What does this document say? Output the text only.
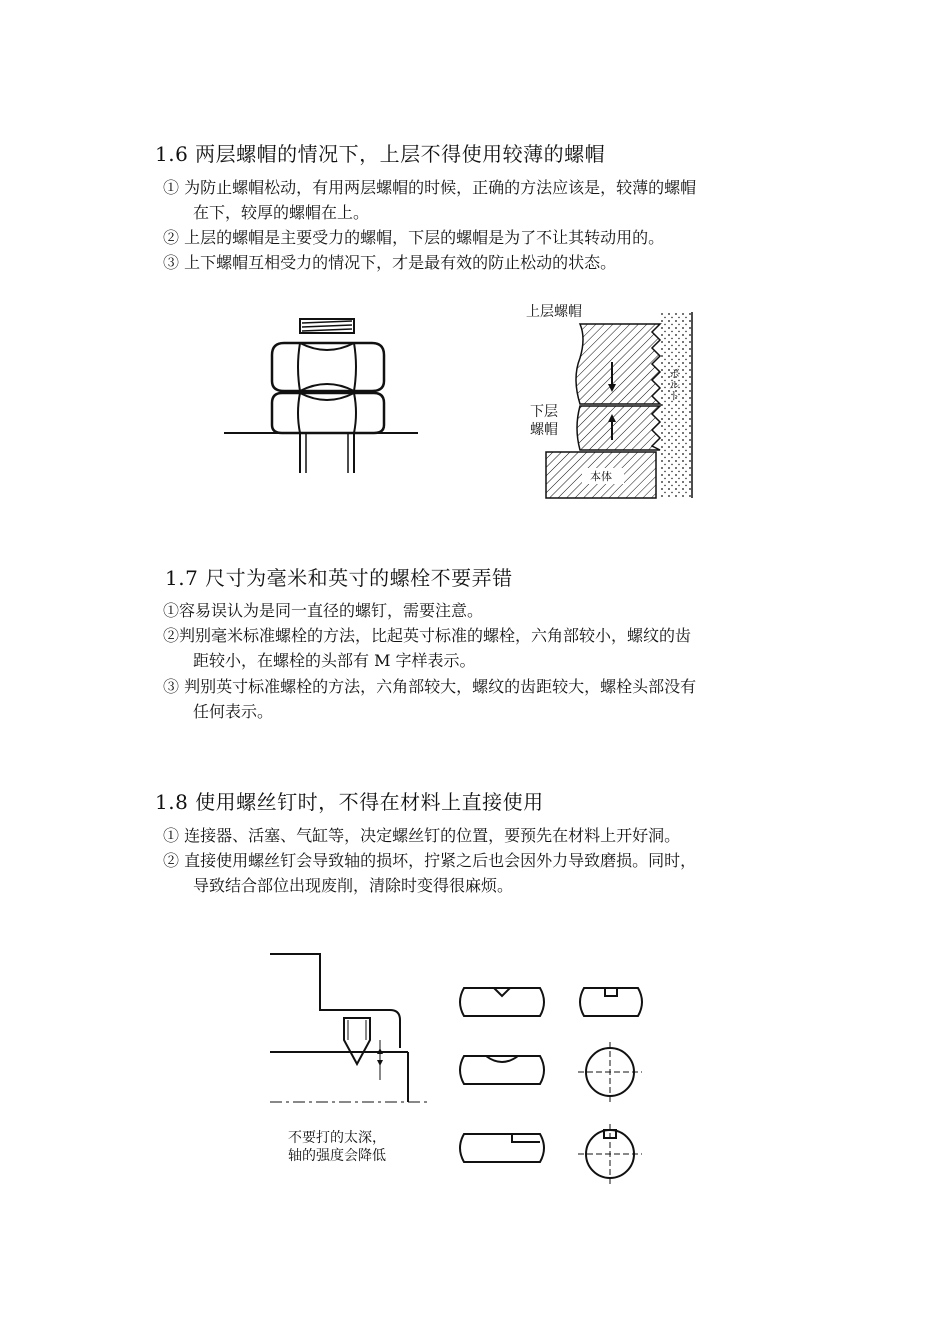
1.6 两层螺帽的情况下，上层不得使用较薄的螺帽
① 为防止螺帽松动，有用两层螺帽的时候，正确的方法应该是，较薄的螺帽
在下，较厚的螺帽在上。
② 上层的螺帽是主要受力的螺帽，下层的螺帽是为了不让其转动用的。
③ 上下螺帽互相受力的情况下，才是最有效的防止松动的状态。
上层螺帽
下层
螺帽
ボルト
本体
1.7 尺寸为毫米和英寸的螺栓不要弄错
①容易误认为是同一直径的螺钉，需要注意。
②判别毫米标准螺栓的方法，比起英寸标准的螺栓，六角部较小，螺纹的齿
距较小，在螺栓的头部有 M 字样表示。
③ 判别英寸标准螺栓的方法，六角部较大，螺纹的齿距较大，螺栓头部没有
任何表示。
1.8 使用螺丝钉时，不得在材料上直接使用
① 连接器、活塞、气缸等，决定螺丝钉的位置，要预先在材料上开好洞。
② 直接使用螺丝钉会导致轴的损坏，拧紧之后也会因外力导致磨损。同时，
导致结合部位出现废削，清除时变得很麻烦。
不要打的太深，
轴的强度会降低
